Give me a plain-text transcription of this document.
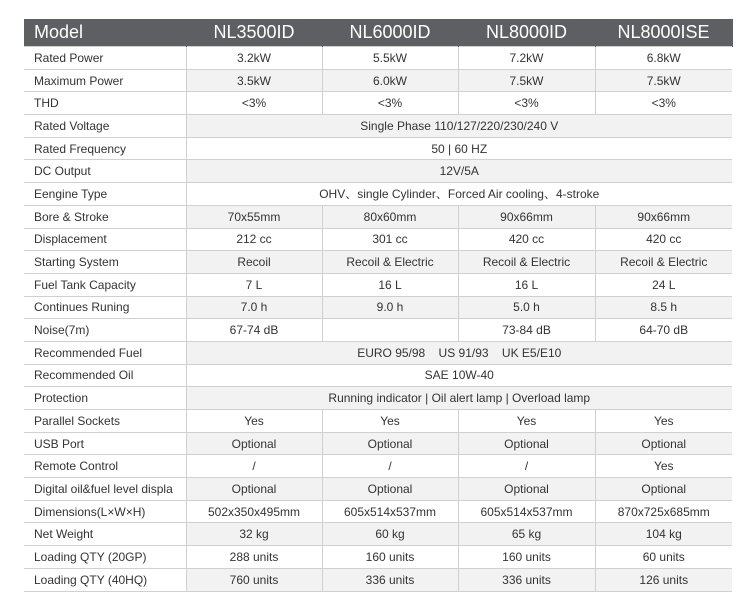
Model	NL3500ID	NL6000ID	NL8000ID	NL8000ISE
Rated Power	3.2kW	5.5kW	7.2kW	6.8kW
Maximum Power	3.5kW	6.0kW	7.5kW	7.5kW
THD	<3%	<3%	<3%	<3%
Rated Voltage	Single Phase 110/127/220/230/240 V			
Rated Frequency	50 | 60 HZ			
DC Output	12V/5A			
Eengine Type	OHV、single Cylinder、Forced Air cooling、4-stroke			
Bore & Stroke	70x55mm	80x60mm	90x66mm	90x66mm
Displacement	212 cc	301 cc	420 cc	420 cc
Starting System	Recoil	Recoil & Electric	Recoil & Electric	Recoil & Electric
Fuel Tank Capacity	7 L	16 L	16 L	24 L
Continues Runing	7.0 h	9.0 h	5.0 h	8.5 h
Noise(7m)	67-74 dB		73-84 dB	64-70 dB
Recommended Fuel	EURO 95/98    US 91/93    UK E5/E10			
Recommended Oil	SAE 10W-40			
Protection	Running indicator | Oil alert lamp | Overload lamp			
Parallel Sockets	Yes	Yes	Yes	Yes
USB Port	Optional	Optional	Optional	Optional
Remote Control	/	/	/	Yes
Digital oil&fuel level displa	Optional	Optional	Optional	Optional
Dimensions(L×W×H)	502x350x495mm	605x514x537mm	605x514x537mm	870x725x685mm
Net Weight	32 kg	60 kg	65 kg	104 kg
Loading QTY (20GP)	288 units	160 units	160 units	60 units
Loading QTY (40HQ)	760 units	336 units	336 units	126 units
